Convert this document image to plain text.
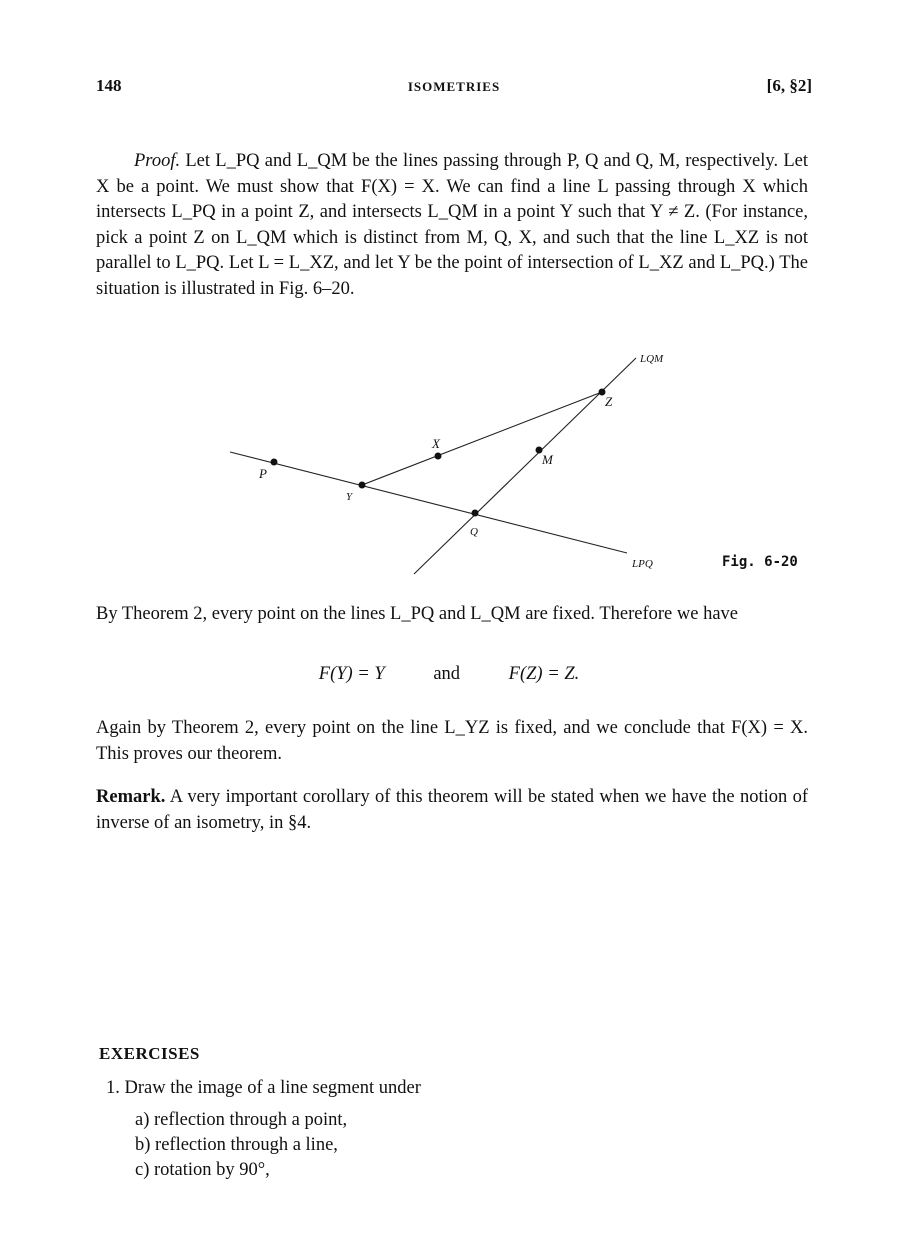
148	ISOMETRIES	[6, §2]
Proof. Let L_PQ and L_QM be the lines passing through P, Q and Q, M, respectively. Let X be a point. We must show that F(X) = X. We can find a line L passing through X which intersects L_PQ in a point Z, and intersects L_QM in a point Y such that Y ≠ Z. (For instance, pick a point Z on L_QM which is distinct from M, Q, X, and such that the line L_XZ is not parallel to L_PQ. Let L = L_XZ, and let Y be the point of intersection of L_XZ and L_PQ.) The situation is illustrated in Fig. 6–20.
LQM
Z
X
M
P
Y
Q
LPQ	Fig. 6-20
By Theorem 2, every point on the lines L_PQ and L_QM are fixed. Therefore we have
F(Y) = Y	and	F(Z) = Z.
Again by Theorem 2, every point on the line L_YZ is fixed, and we conclude that F(X) = X. This proves our theorem.
Remark. A very important corollary of this theorem will be stated when we have the notion of inverse of an isometry, in §4.
EXERCISES
1. Draw the image of a line segment under
a) reflection through a point,
b) reflection through a line,
c) rotation by 90°,
